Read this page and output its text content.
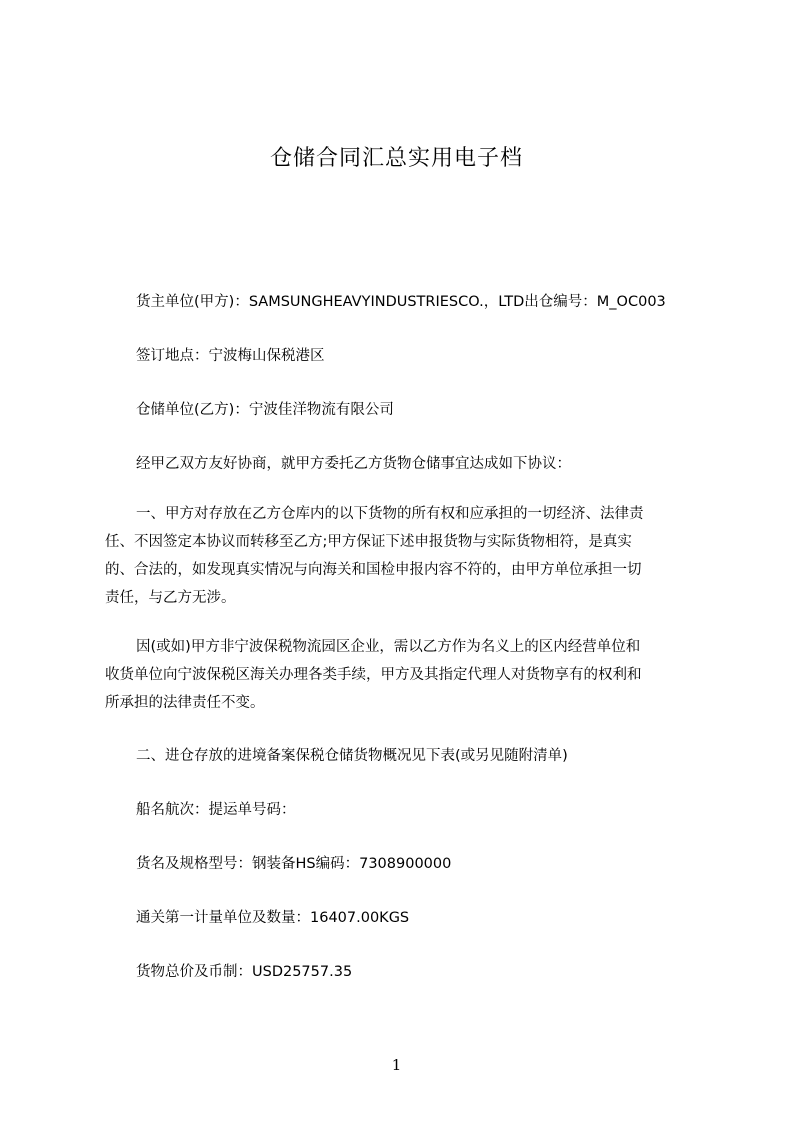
仓储合同汇总实用电子档

货主单位(甲方)：SAMSUNGHEAVYINDUSTRIESCO.，LTD出仓编号：M_OC003

签订地点：宁波梅山保税港区

仓储单位(乙方)：宁波佳洋物流有限公司

经甲乙双方友好协商，就甲方委托乙方货物仓储事宜达成如下协议：

一、甲方对存放在乙方仓库内的以下货物的所有权和应承担的一切经济、法律责
任、不因签定本协议而转移至乙方;甲方保证下述申报货物与实际货物相符，是真实
的、合法的，如发现真实情况与向海关和国检申报内容不符的，由甲方单位承担一切
责任，与乙方无涉。
因(或如)甲方非宁波保税物流园区企业，需以乙方作为名义上的区内经营单位和
收货单位向宁波保税区海关办理各类手续，甲方及其指定代理人对货物享有的权利和
所承担的法律责任不变。

二、进仓存放的进境备案保税仓储货物概况见下表(或另见随附清单)

船名航次：提运单号码：

货名及规格型号：钢装备HS编码：7308900000

通关第一计量单位及数量：16407.00KGS

货物总价及币制：USD25757.35

1
